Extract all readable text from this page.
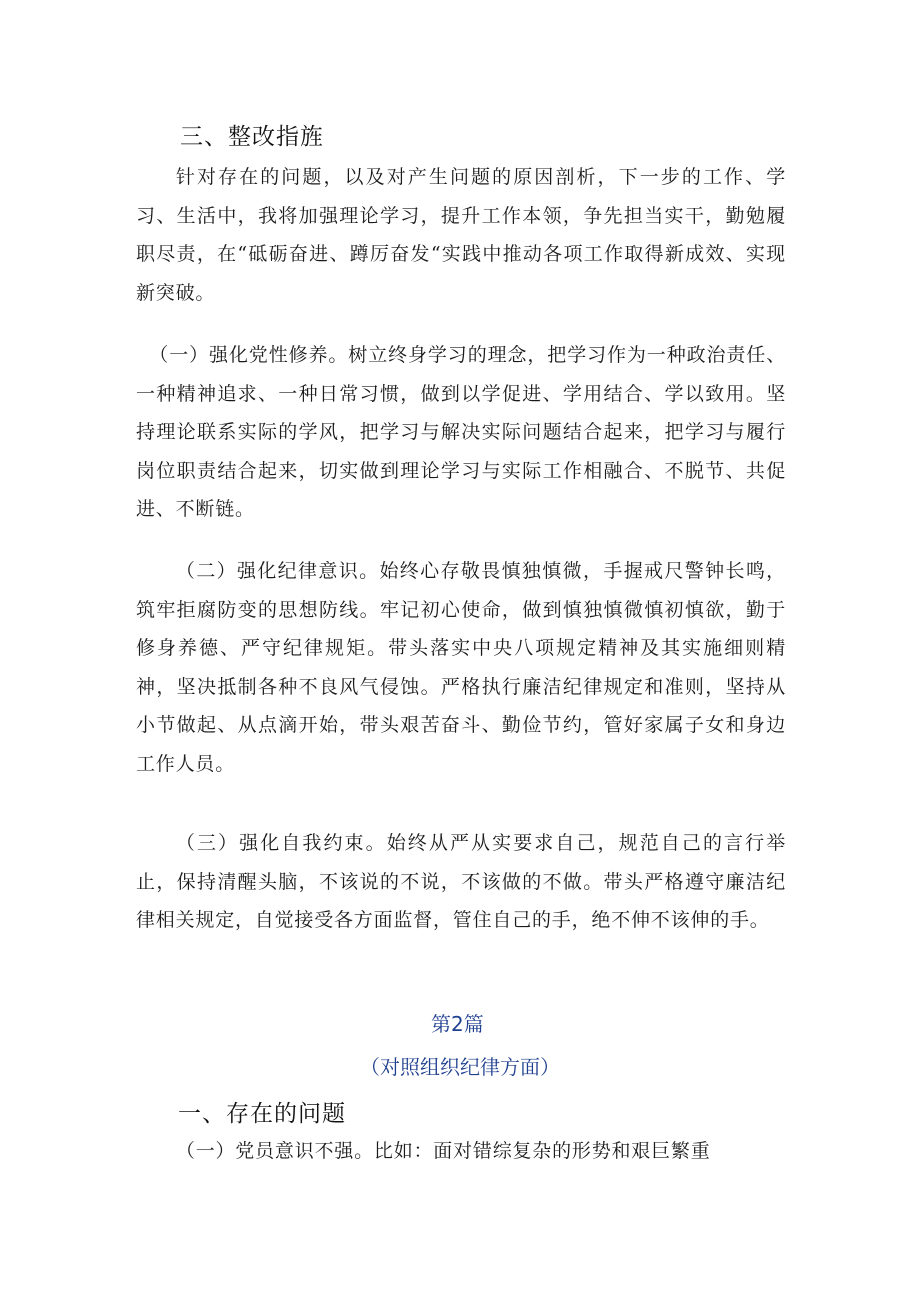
三、整改指旌

针对存在的问题，以及对产生问题的原因剖析，下一步的工作、学习、生活中，我将加强理论学习，提升工作本领，争先担当实干，勤勉履职尽责，在“砥砺奋进、蹲厉奋发“实践中推动各项工作取得新成效、实现新突破。

（一）强化党性修养。树立终身学习的理念，把学习作为一种政治责任、一种精神追求、一种日常习惯，做到以学促进、学用结合、学以致用。坚持理论联系实际的学风，把学习与解决实际问题结合起来，把学习与履行岗位职责结合起来，切实做到理论学习与实际工作相融合、不脱节、共促进、不断链。

（二）强化纪律意识。始终心存敬畏慎独慎微，手握戒尺警钟长鸣，筑牢拒腐防变的思想防线。牢记初心使命，做到慎独慎微慎初慎欲，勤于修身养德、严守纪律规矩。带头落实中央八项规定精神及其实施细则精神，坚决抵制各种不良风气侵蚀。严格执行廉洁纪律规定和准则，坚持从小节做起、从点滴开始，带头艰苦奋斗、勤俭节约，管好家属子女和身边工作人员。

（三）强化自我约束。始终从严从实要求自己，规范自己的言行举止，保持清醒头脑，不该说的不说，不该做的不做。带头严格遵守廉洁纪律相关规定，自觉接受各方面监督，管住自己的手，绝不伸不该伸的手。

第2篇
（对照组织纪律方面）
一、存在的问题

（一）党员意识不强。比如：面对错综复杂的形势和艰巨繁重
